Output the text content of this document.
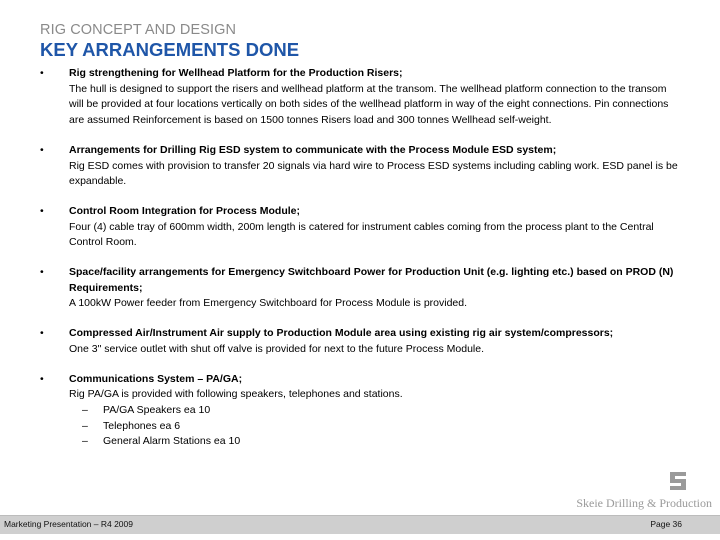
RIG CONCEPT AND DESIGN
KEY ARRANGEMENTS DONE
• Rig strengthening for Wellhead Platform for the Production Risers;
The hull is designed to support the risers and wellhead platform at the transom. The wellhead platform connection to the transom will be provided at four locations vertically on both sides of the wellhead platform in way of the eight connections. Pin connections are assumed Reinforcement is based on 1500 tonnes Risers load and 300 tonnes Wellhead self-weight.
• Arrangements for Drilling Rig ESD system to communicate with the Process Module ESD system;
Rig ESD comes with provision to transfer 20 signals via hard wire to Process ESD systems including cabling work. ESD panel is be expandable.
• Control Room Integration for Process Module;
Four (4) cable tray of 600mm width, 200m length is catered for instrument cables coming from the process plant to the Central Control Room.
• Space/facility arrangements for Emergency Switchboard Power for Production Unit (e.g. lighting etc.) based on PROD (N) Requirements;
A 100kW Power feeder from Emergency Switchboard for Process Module is provided.
• Compressed Air/Instrument Air supply to Production Module area using existing rig air system/compressors;
One 3" service outlet with shut off valve is provided for next to the future Process Module.
• Communications System – PA/GA;
Rig PA/GA is provided with following speakers, telephones and stations.
– PA/GA Speakers ea 10
– Telephones ea 6
– General Alarm Stations ea 10
Skeie Drilling & Production
Marketing Presentation – R4 2009	Page 36
